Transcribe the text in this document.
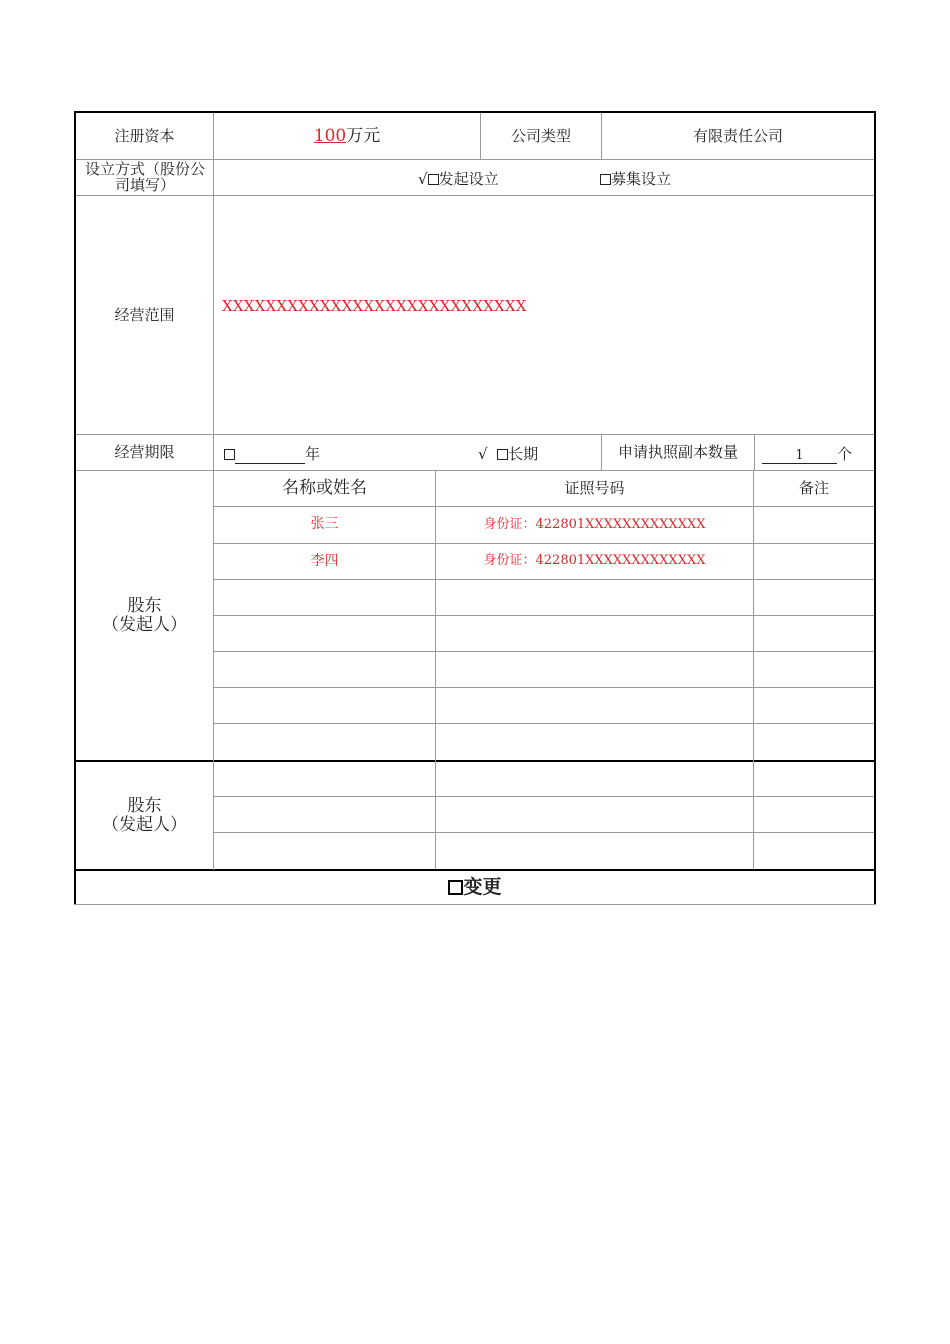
注册资本	100 万元	公司类型	有限责任公司
设立方式（股份公司填写）	√ 发起设立	募集设立
经营范围	XXXXXXXXXXXXXXXXXXXXXXXXXXXX
经营期限	年	√ 长期	申请执照副本数量	1 个
股东
（发起人）
名称或姓名	证照号码	备注
张三	身份证：422801XXXXXXXXXXXXX
李四	身份证：422801XXXXXXXXXXXXX
股东
（发起人）
变更
